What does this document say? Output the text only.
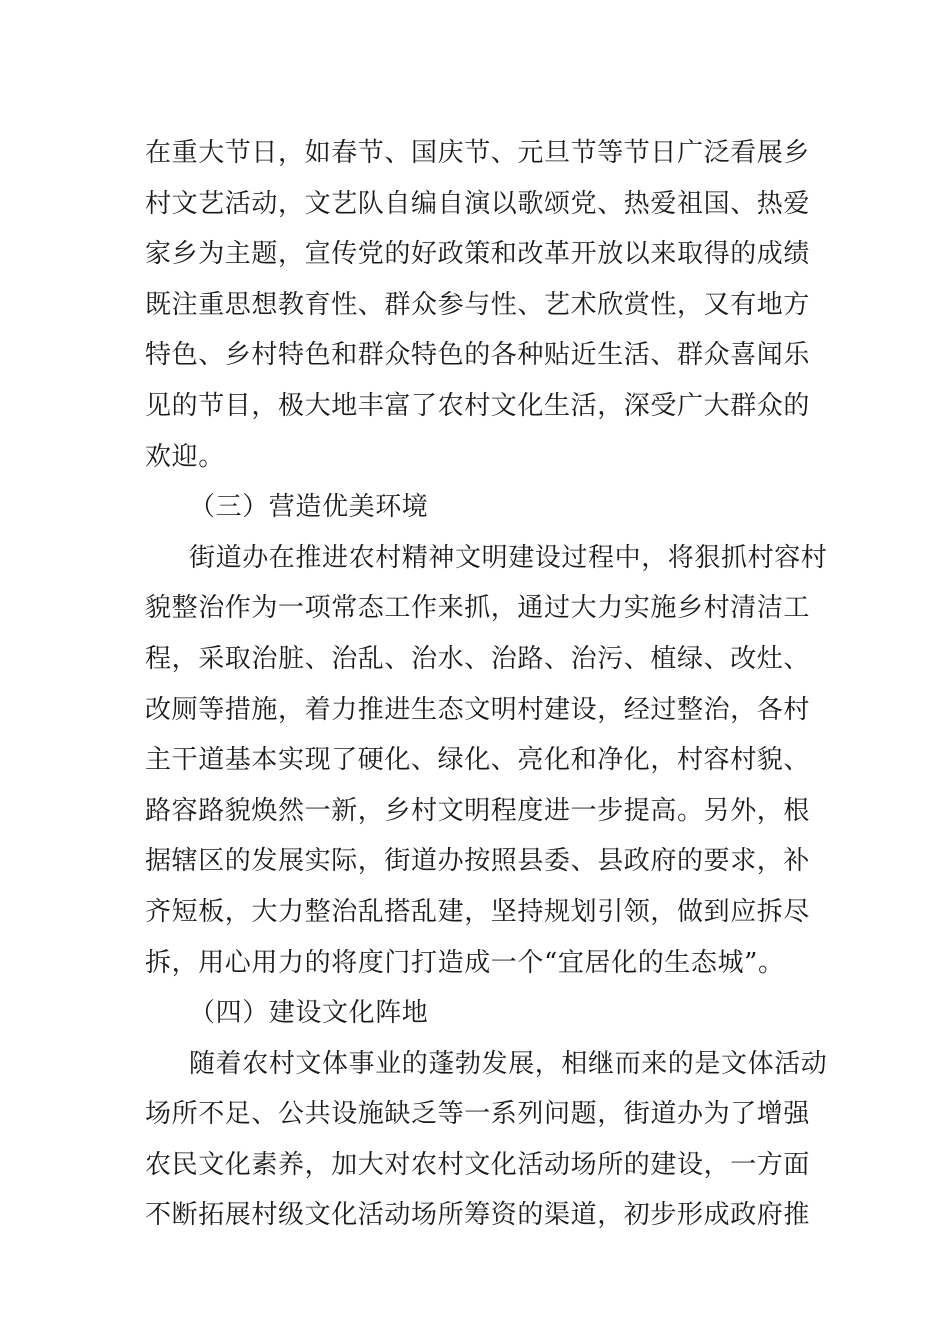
在重大节日，如春节、国庆节、元旦节等节日广泛看展乡
村文艺活动，文艺队自编自演以歌颂党、热爱祖国、热爱
家乡为主题，宣传党的好政策和改革开放以来取得的成绩
既注重思想教育性、群众参与性、艺术欣赏性，又有地方
特色、乡村特色和群众特色的各种贴近生活、群众喜闻乐
见的节目，极大地丰富了农村文化生活，深受广大群众的
欢迎。
（三）营造优美环境
街道办在推进农村精神文明建设过程中，将狠抓村容村
貌整治作为一项常态工作来抓，通过大力实施乡村清洁工
程，采取治脏、治乱、治水、治路、治污、植绿、改灶、
改厕等措施，着力推进生态文明村建设，经过整治，各村
主干道基本实现了硬化、绿化、亮化和净化，村容村貌、
路容路貌焕然一新，乡村文明程度进一步提高。另外，根
据辖区的发展实际，街道办按照县委、县政府的要求，补
齐短板，大力整治乱搭乱建，坚持规划引领，做到应拆尽
拆，用心用力的将度门打造成一个“宜居化的生态城”。
（四）建设文化阵地
随着农村文体事业的蓬勃发展，相继而来的是文体活动
场所不足、公共设施缺乏等一系列问题，街道办为了增强
农民文化素养，加大对农村文化活动场所的建设，一方面
不断拓展村级文化活动场所筹资的渠道，初步形成政府推
